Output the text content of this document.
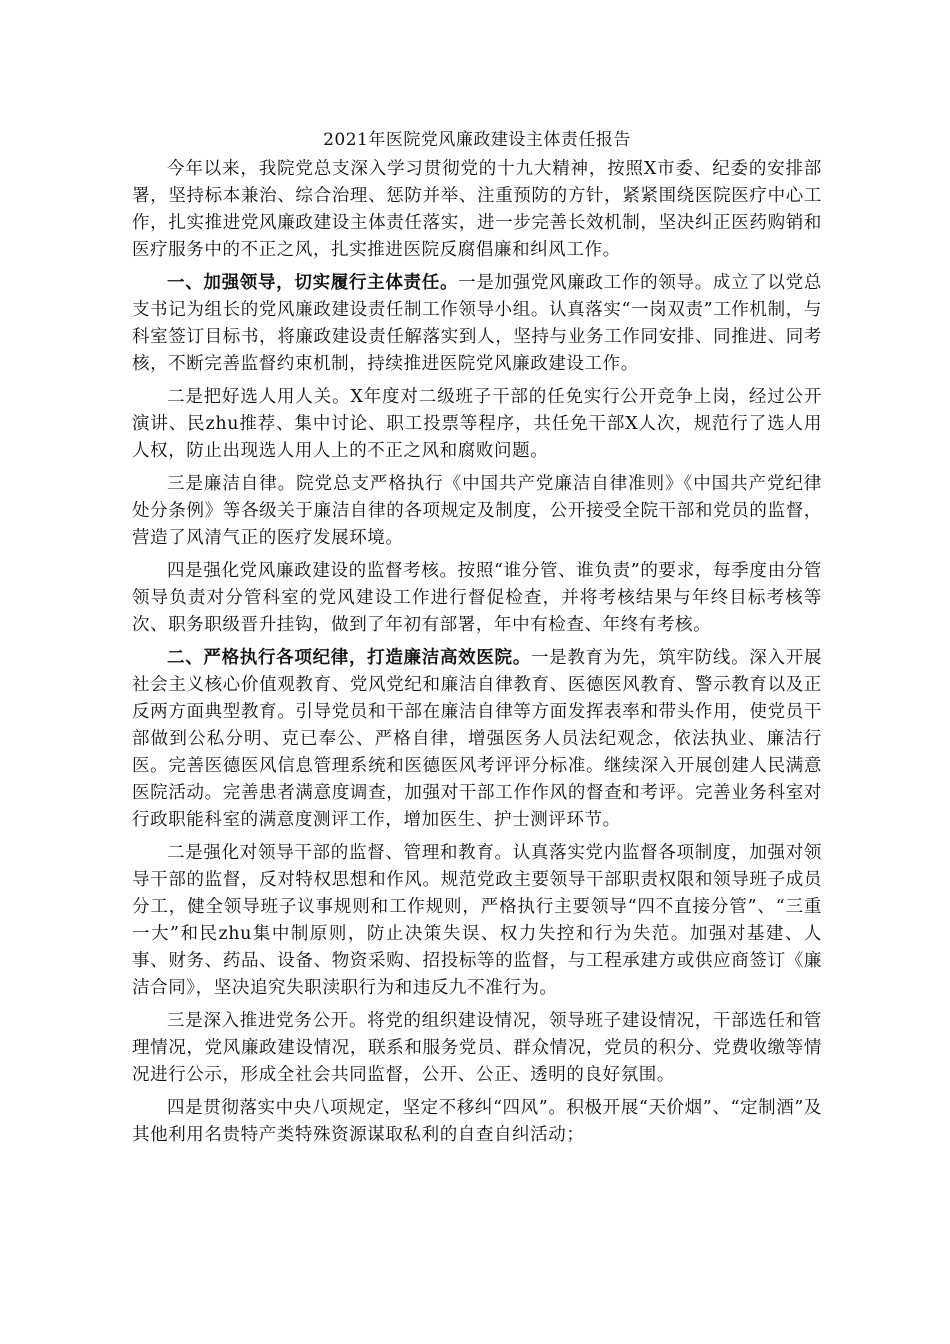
2021年医院党风廉政建设主体责任报告

今年以来，我院党总支深入学习贯彻党的十九大精神，按照X市委、纪委的安排部署，坚持标本兼治、综合治理、惩防并举、注重预防的方针，紧紧围绕医院医疗中心工作，扎实推进党风廉政建设主体责任落实，进一步完善长效机制，坚决纠正医药购销和医疗服务中的不正之风，扎实推进医院反腐倡廉和纠风工作。

一、加强领导，切实履行主体责任。一是加强党风廉政工作的领导。成立了以党总支书记为组长的党风廉政建设责任制工作领导小组。认真落实“一岗双责”工作机制，与科室签订目标书，将廉政建设责任解落实到人，坚持与业务工作同安排、同推进、同考核，不断完善监督约束机制，持续推进医院党风廉政建设工作。

二是把好选人用人关。X年度对二级班子干部的任免实行公开竞争上岗，经过公开演讲、民zhu推荐、集中讨论、职工投票等程序，共任免干部X人次，规范行了选人用人权，防止出现选人用人上的不正之风和腐败问题。

三是廉洁自律。院党总支严格执行《中国共产党廉洁自律准则》《中国共产党纪律处分条例》等各级关于廉洁自律的各项规定及制度，公开接受全院干部和党员的监督，营造了风清气正的医疗发展环境。

四是强化党风廉政建设的监督考核。按照“谁分管、谁负责”的要求，每季度由分管领导负责对分管科室的党风建设工作进行督促检查，并将考核结果与年终目标考核等次、职务职级晋升挂钩，做到了年初有部署，年中有检查、年终有考核。

二、严格执行各项纪律，打造廉洁高效医院。一是教育为先，筑牢防线。深入开展社会主义核心价值观教育、党风党纪和廉洁自律教育、医德医风教育、警示教育以及正反两方面典型教育。引导党员和干部在廉洁自律等方面发挥表率和带头作用，使党员干部做到公私分明、克已奉公、严格自律，增强医务人员法纪观念，依法执业、廉洁行医。完善医德医风信息管理系统和医德医风考评评分标准。继续深入开展创建人民满意医院活动。完善患者满意度调查，加强对干部工作作风的督查和考评。完善业务科室对行政职能科室的满意度测评工作，增加医生、护士测评环节。

二是强化对领导干部的监督、管理和教育。认真落实党内监督各项制度，加强对领导干部的监督，反对特权思想和作风。规范党政主要领导干部职责权限和领导班子成员分工，健全领导班子议事规则和工作规则，严格执行主要领导“四不直接分管”、“三重一大”和民zhu集中制原则，防止决策失误、权力失控和行为失范。加强对基建、人事、财务、药品、设备、物资采购、招投标等的监督，与工程承建方或供应商签订《廉洁合同》，坚决追究失职渎职行为和违反九不准行为。

三是深入推进党务公开。将党的组织建设情况，领导班子建设情况，干部选任和管理情况，党风廉政建设情况，联系和服务党员、群众情况，党员的积分、党费收缴等情况进行公示，形成全社会共同监督，公开、公正、透明的良好氛围。

四是贯彻落实中央八项规定，坚定不移纠“四风”。积极开展“天价烟”、“定制酒”及其他利用名贵特产类特殊资源谋取私利的自查自纠活动；
